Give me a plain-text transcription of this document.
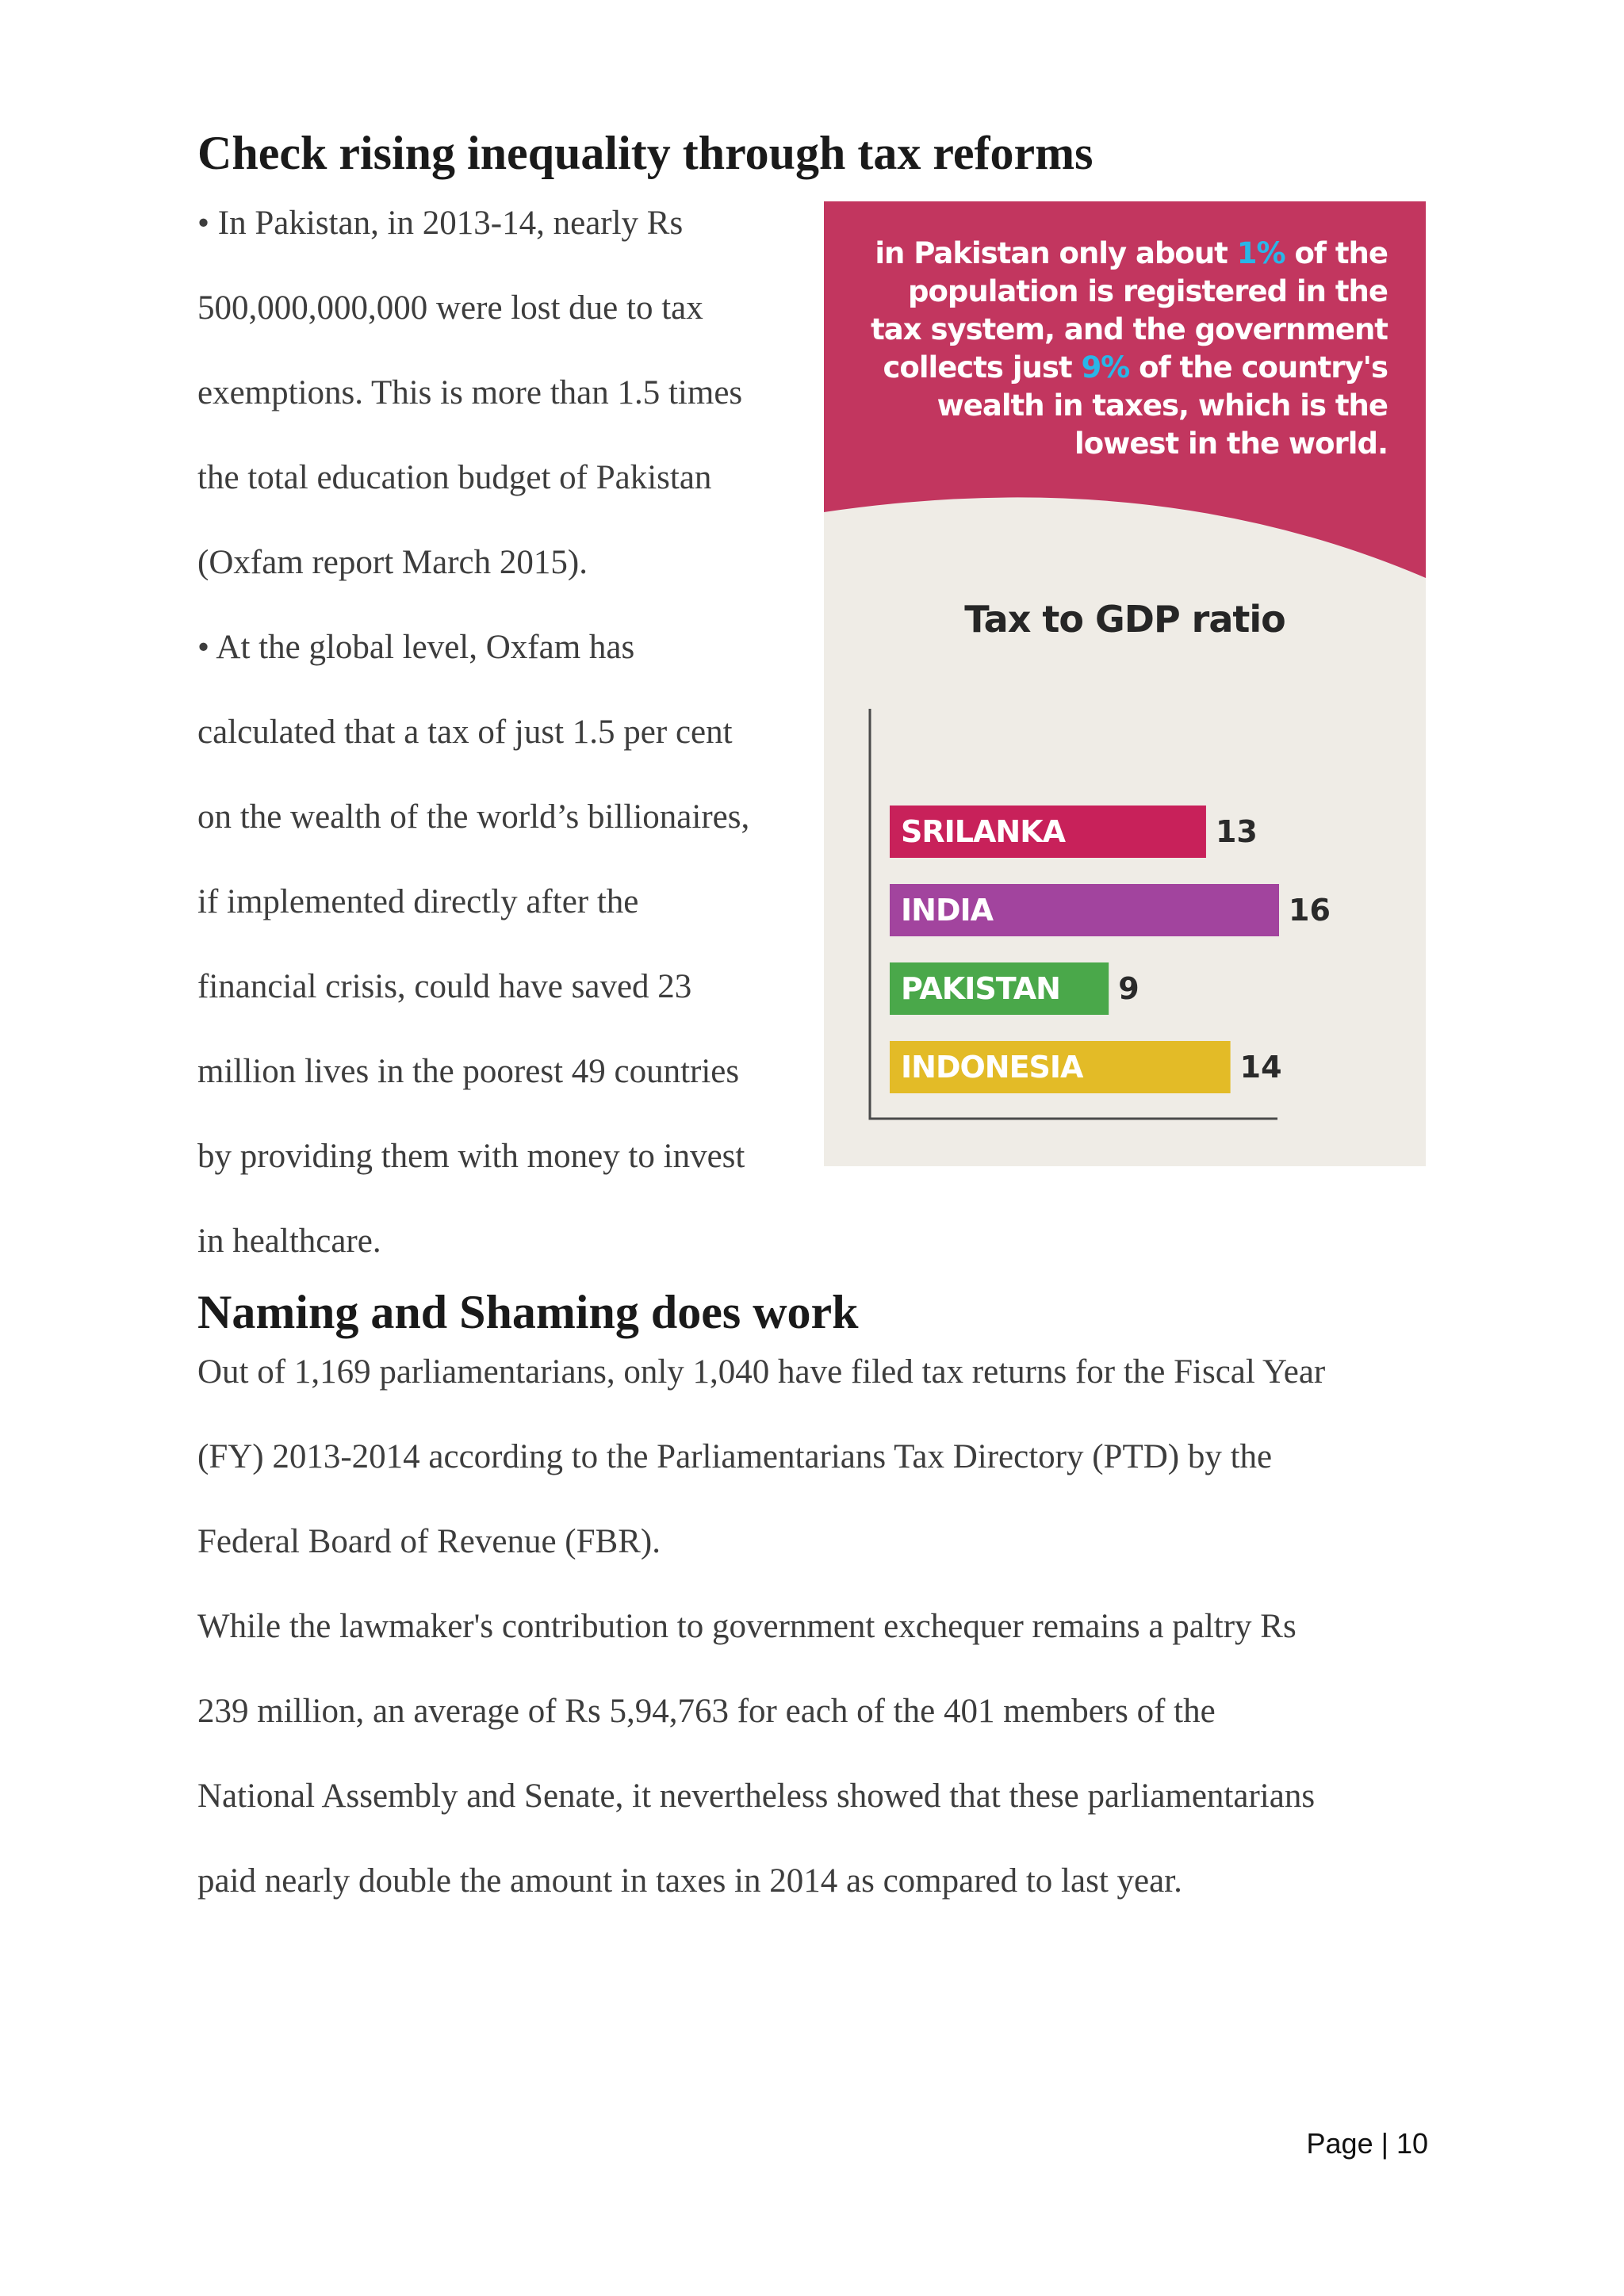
Check rising inequality through tax reforms

• In Pakistan, in 2013-14, nearly Rs

500,000,000,000 were lost due to tax

exemptions. This is more than 1.5 times

the total education budget of Pakistan

(Oxfam report March 2015).

• At the global level, Oxfam has

calculated that a tax of just 1.5 per cent

on the wealth of the world’s billionaires,

if implemented directly after the

financial crisis, could have saved 23

million lives in the poorest 49 countries

by providing them with money to invest

in healthcare.

in Pakistan only about 1% of the population is registered in the tax system, and the government collects just 9% of the country's wealth in taxes, which is the lowest in the world.
Tax to GDP ratio
SRILANKA	13
INDIA	16
PAKISTAN 9
INDONESIA	14
Naming and Shaming does work

Out of 1,169 parliamentarians, only 1,040 have filed tax returns for the Fiscal Year

(FY) 2013-2014 according to the Parliamentarians Tax Directory (PTD) by the

Federal Board of Revenue (FBR).

While the lawmaker's contribution to government exchequer remains a paltry Rs

239 million, an average of Rs 5,94,763 for each of the 401 members of the

National Assembly and Senate, it nevertheless showed that these parliamentarians

paid nearly double the amount in taxes in 2014 as compared to last year.

Page | 10
